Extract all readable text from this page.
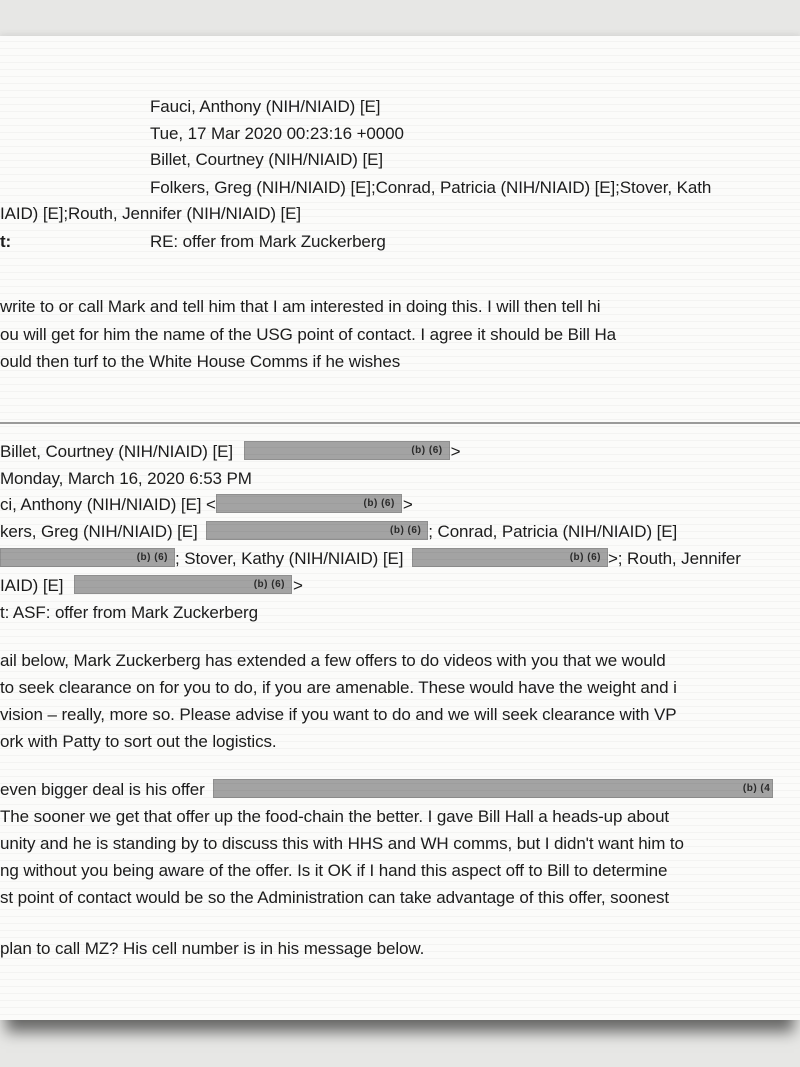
Fauci, Anthony (NIH/NIAID) [E]
Tue, 17 Mar 2020 00:23:16 +0000
Billet, Courtney (NIH/NIAID) [E]
Folkers, Greg (NIH/NIAID) [E];Conrad, Patricia (NIH/NIAID) [E];Stover, Kath
IAID) [E];Routh, Jennifer (NIH/NIAID) [E]
t:	RE: offer from Mark Zuckerberg
write to or call Mark and tell him that I am interested in doing this. I will then tell hi
ou will get for him the name of the USG point of contact. I agree it should be Bill Ha
ould then turf to the White House Comms if he wishes
Billet, Courtney (NIH/NIAID) [E]	(b) (6) >
Monday, March 16, 2020 6:53 PM
ci, Anthony (NIH/NIAID) [E] <	(b) (6) >
kers, Greg (NIH/NIAID) [E]	(b) (6) ; Conrad, Patricia (NIH/NIAID) [E]
(b) (6) ; Stover, Kathy (NIH/NIAID) [E]	(b) (6) >; Routh, Jennifer
IAID) [E]	(b) (6) >
t: ASF: offer from Mark Zuckerberg
ail below, Mark Zuckerberg has extended a few offers to do videos with you that we would
to seek clearance on for you to do, if you are amenable. These would have the weight and i
vision – really, more so. Please advise if you want to do and we will seek clearance with VP
ork with Patty to sort out the logistics.
even bigger deal is his offer	(b) (4
The sooner we get that offer up the food-chain the better. I gave Bill Hall a heads-up about
unity and he is standing by to discuss this with HHS and WH comms, but I didn't want him to
ng without you being aware of the offer. Is it OK if I hand this aspect off to Bill to determine
st point of contact would be so the Administration can take advantage of this offer, soonest
plan to call MZ? His cell number is in his message below.
